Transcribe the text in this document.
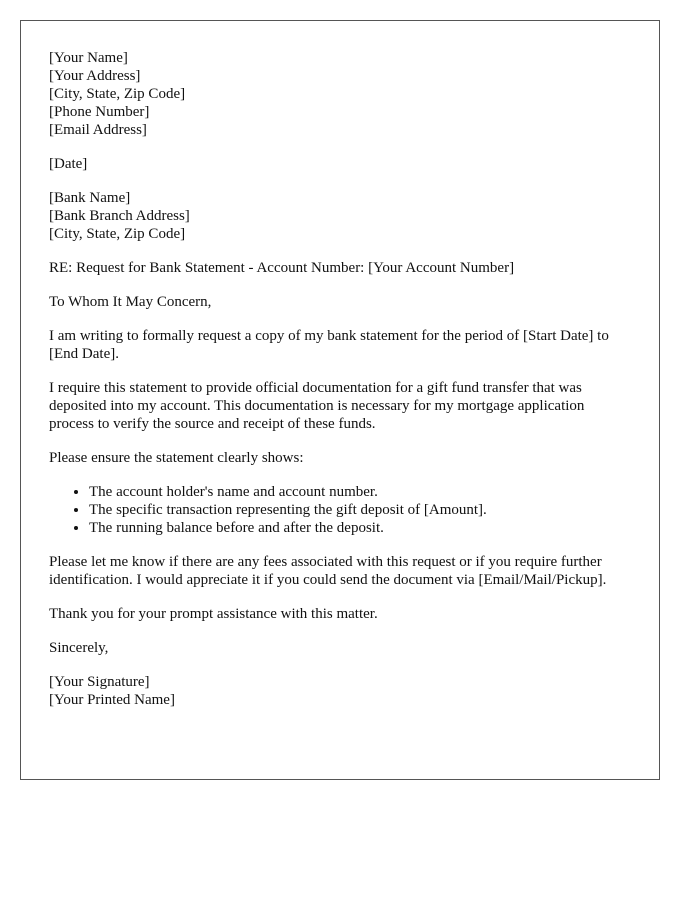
[Your Name]
[Your Address]
[City, State, Zip Code]
[Phone Number]
[Email Address]

[Date]

[Bank Name]
[Bank Branch Address]
[City, State, Zip Code]

RE: Request for Bank Statement - Account Number: [Your Account Number]

To Whom It May Concern,

I am writing to formally request a copy of my bank statement for the period of [Start Date] to [End Date].

I require this statement to provide official documentation for a gift fund transfer that was deposited into my account. This documentation is necessary for my mortgage application process to verify the source and receipt of these funds.

Please ensure the statement clearly shows:

• The account holder's name and account number.
• The specific transaction representing the gift deposit of [Amount].
• The running balance before and after the deposit.

Please let me know if there are any fees associated with this request or if you require further identification. I would appreciate it if you could send the document via [Email/Mail/Pickup].

Thank you for your prompt assistance with this matter.

Sincerely,

[Your Signature]
[Your Printed Name]
